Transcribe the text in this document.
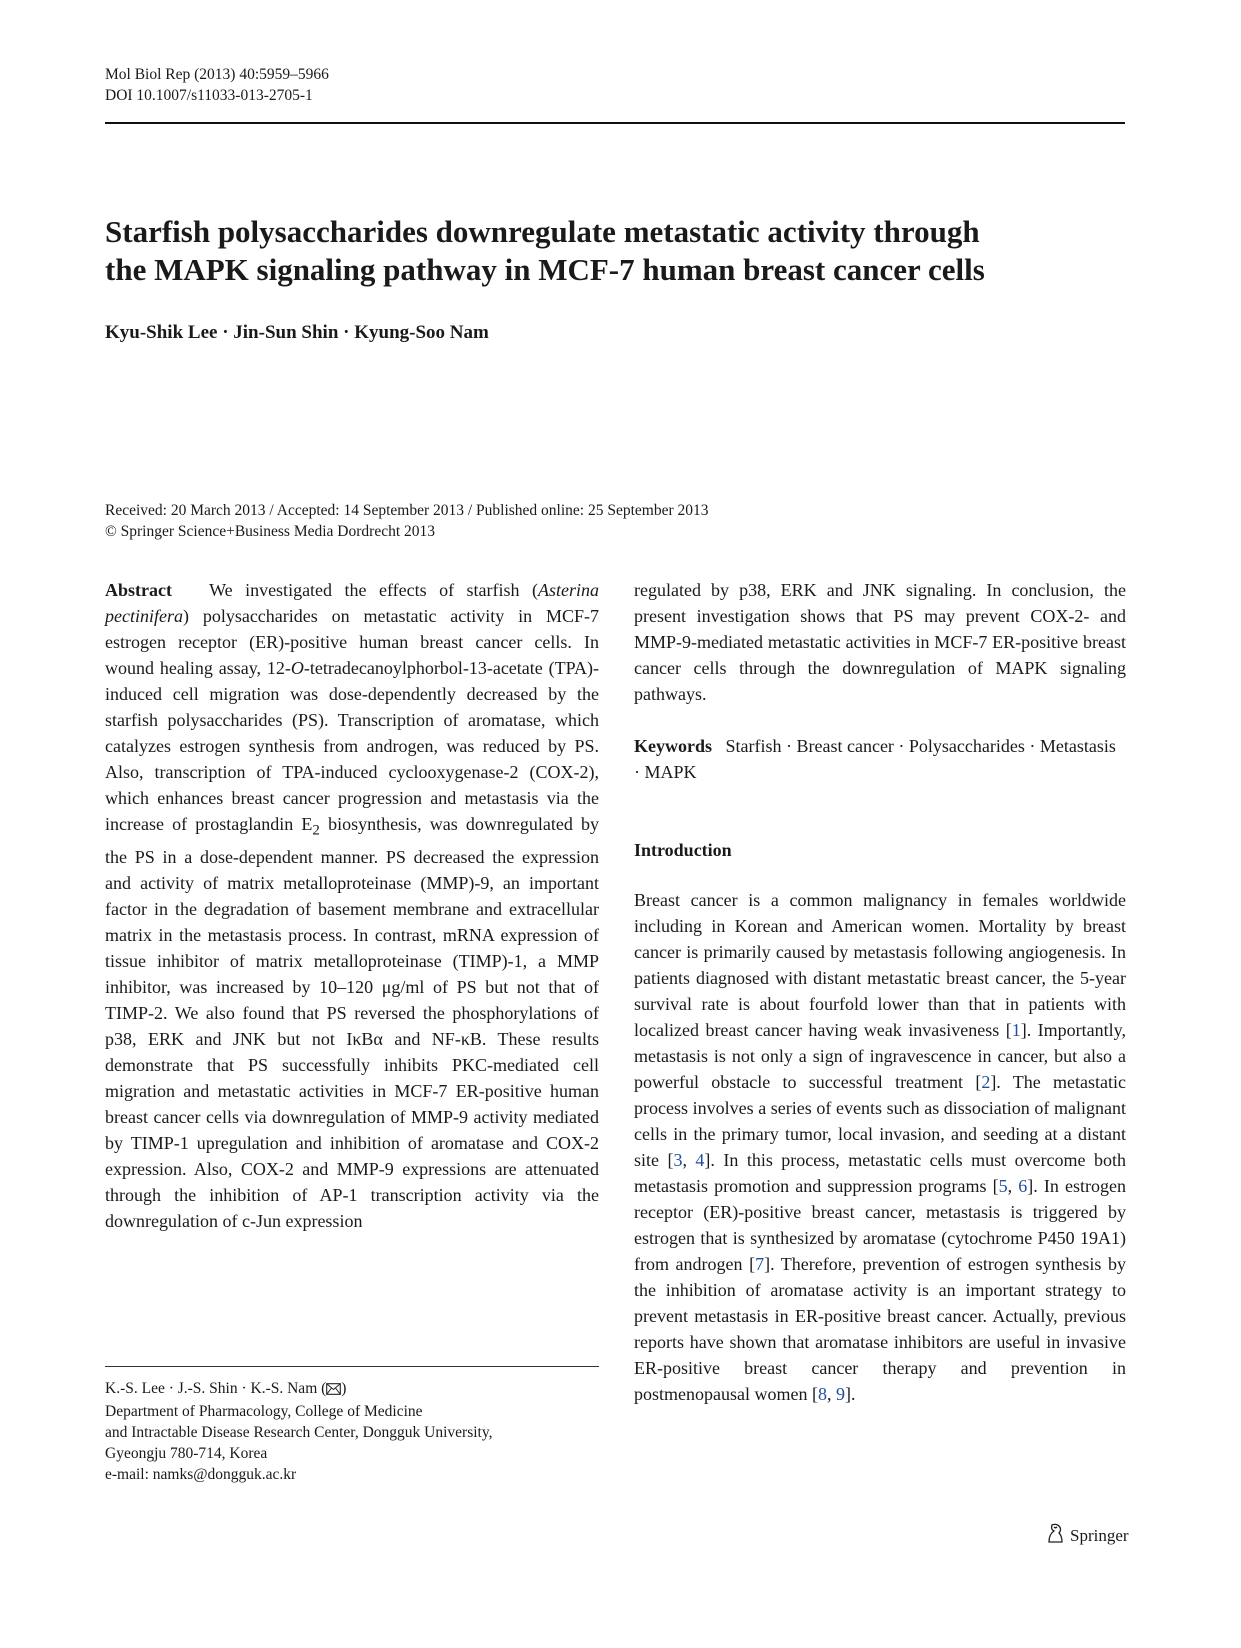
Mol Biol Rep (2013) 40:5959–5966
DOI 10.1007/s11033-013-2705-1
Starfish polysaccharides downregulate metastatic activity through
the MAPK signaling pathway in MCF-7 human breast cancer cells
Kyu-Shik Lee · Jin-Sun Shin · Kyung-Soo Nam
Received: 20 March 2013 / Accepted: 14 September 2013 / Published online: 25 September 2013
© Springer Science+Business Media Dordrecht 2013

Abstract We investigated the effects of starfish (Asterina pectinifera) polysaccharides on metastatic activity in MCF-7 estrogen receptor (ER)-positive human breast cancer cells. In wound healing assay, 12-O-tetradecanoylphorbol-13-acetate (TPA)-induced cell migration was dose-dependently decreased by the starfish polysaccharides (PS). Transcription of aromatase, which catalyzes estrogen synthesis from androgen, was reduced by PS. Also, transcription of TPA-induced cyclooxygenase-2 (COX-2), which enhances breast cancer progression and metastasis via the increase of prostaglandin $E_2$ biosynthesis, was downregulated by the PS in a dose-dependent manner. PS decreased the expression and activity of matrix metalloproteinase (MMP)-9, an important factor in the degradation of basement membrane and extracellular matrix in the metastasis process. In contrast, mRNA expression of tissue inhibitor of matrix metalloproteinase (TIMP)-1, a MMP inhibitor, was increased by 10–120 μg/ml of PS but not that of TIMP-2. We also found that PS reversed the phosphorylations of p38, ERK and JNK but not IκBα and NF-κB. These results demonstrate that PS successfully inhibits PKC-mediated cell migration and metastatic activities in MCF-7 ER-positive human breast cancer cells via downregulation of MMP-9 activity mediated by TIMP-1 upregulation and inhibition of aromatase and COX-2 expression. Also, COX-2 and MMP-9 expressions are attenuated through the inhibition of AP-1 transcription activity via the downregulation of c-Jun expression

regulated by p38, ERK and JNK signaling. In conclusion, the present investigation shows that PS may prevent COX-2- and MMP-9-mediated metastatic activities in MCF-7 ER-positive breast cancer cells through the downregulation of MAPK signaling pathways.

Keywords Starfish · Breast cancer · Polysaccharides · Metastasis · MAPK

Introduction

Breast cancer is a common malignancy in females worldwide including in Korean and American women. Mortality by breast cancer is primarily caused by metastasis following angiogenesis. In patients diagnosed with distant metastatic breast cancer, the 5-year survival rate is about fourfold lower than that in patients with localized breast cancer having weak invasiveness [1]. Importantly, metastasis is not only a sign of ingravescence in cancer, but also a powerful obstacle to successful treatment [2]. The metastatic process involves a series of events such as dissociation of malignant cells in the primary tumor, local invasion, and seeding at a distant site [3, 4]. In this process, metastatic cells must overcome both metastasis promotion and suppression programs [5, 6]. In estrogen receptor (ER)-positive breast cancer, metastasis is triggered by estrogen that is synthesized by aromatase (cytochrome P450 19A1) from androgen [7]. Therefore, prevention of estrogen synthesis by the inhibition of aromatase activity is an important strategy to prevent metastasis in ER-positive breast cancer. Actually, previous reports have shown that aromatase inhibitors are useful in invasive ER-positive breast cancer therapy and prevention in postmenopausal women [8, 9].

K.-S. Lee · J.-S. Shin · K.-S. Nam ( )
Department of Pharmacology, College of Medicine
and Intractable Disease Research Center, Dongguk University,
Gyeongju 780-714, Korea
e-mail: namks@dongguk.ac.kr
Springer
